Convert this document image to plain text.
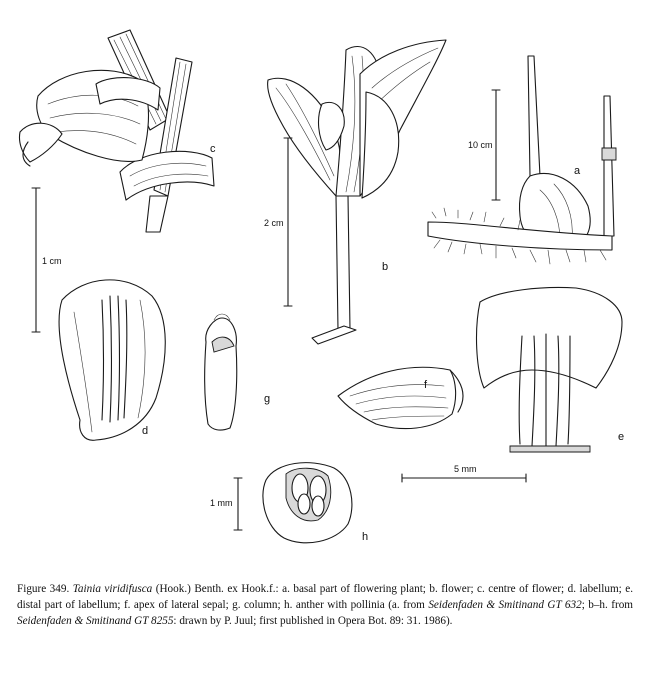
c
b
a
d
g
f
e
h
10 cm
2 cm
1 cm
5 mm
1 mm
Figure 349. Tainia viridifusca (Hook.) Benth. ex Hook.f.: a. basal part of flowering plant; b. flower; c. centre of flower; d. labellum; e. distal part of labellum; f. apex of lateral sepal; g. column; h. anther with pollinia (a. from Seidenfaden & Smitinand GT 632; b–h. from Seidenfaden & Smitinand GT 8255: drawn by P. Juul; first published in Opera Bot. 89: 31. 1986).
